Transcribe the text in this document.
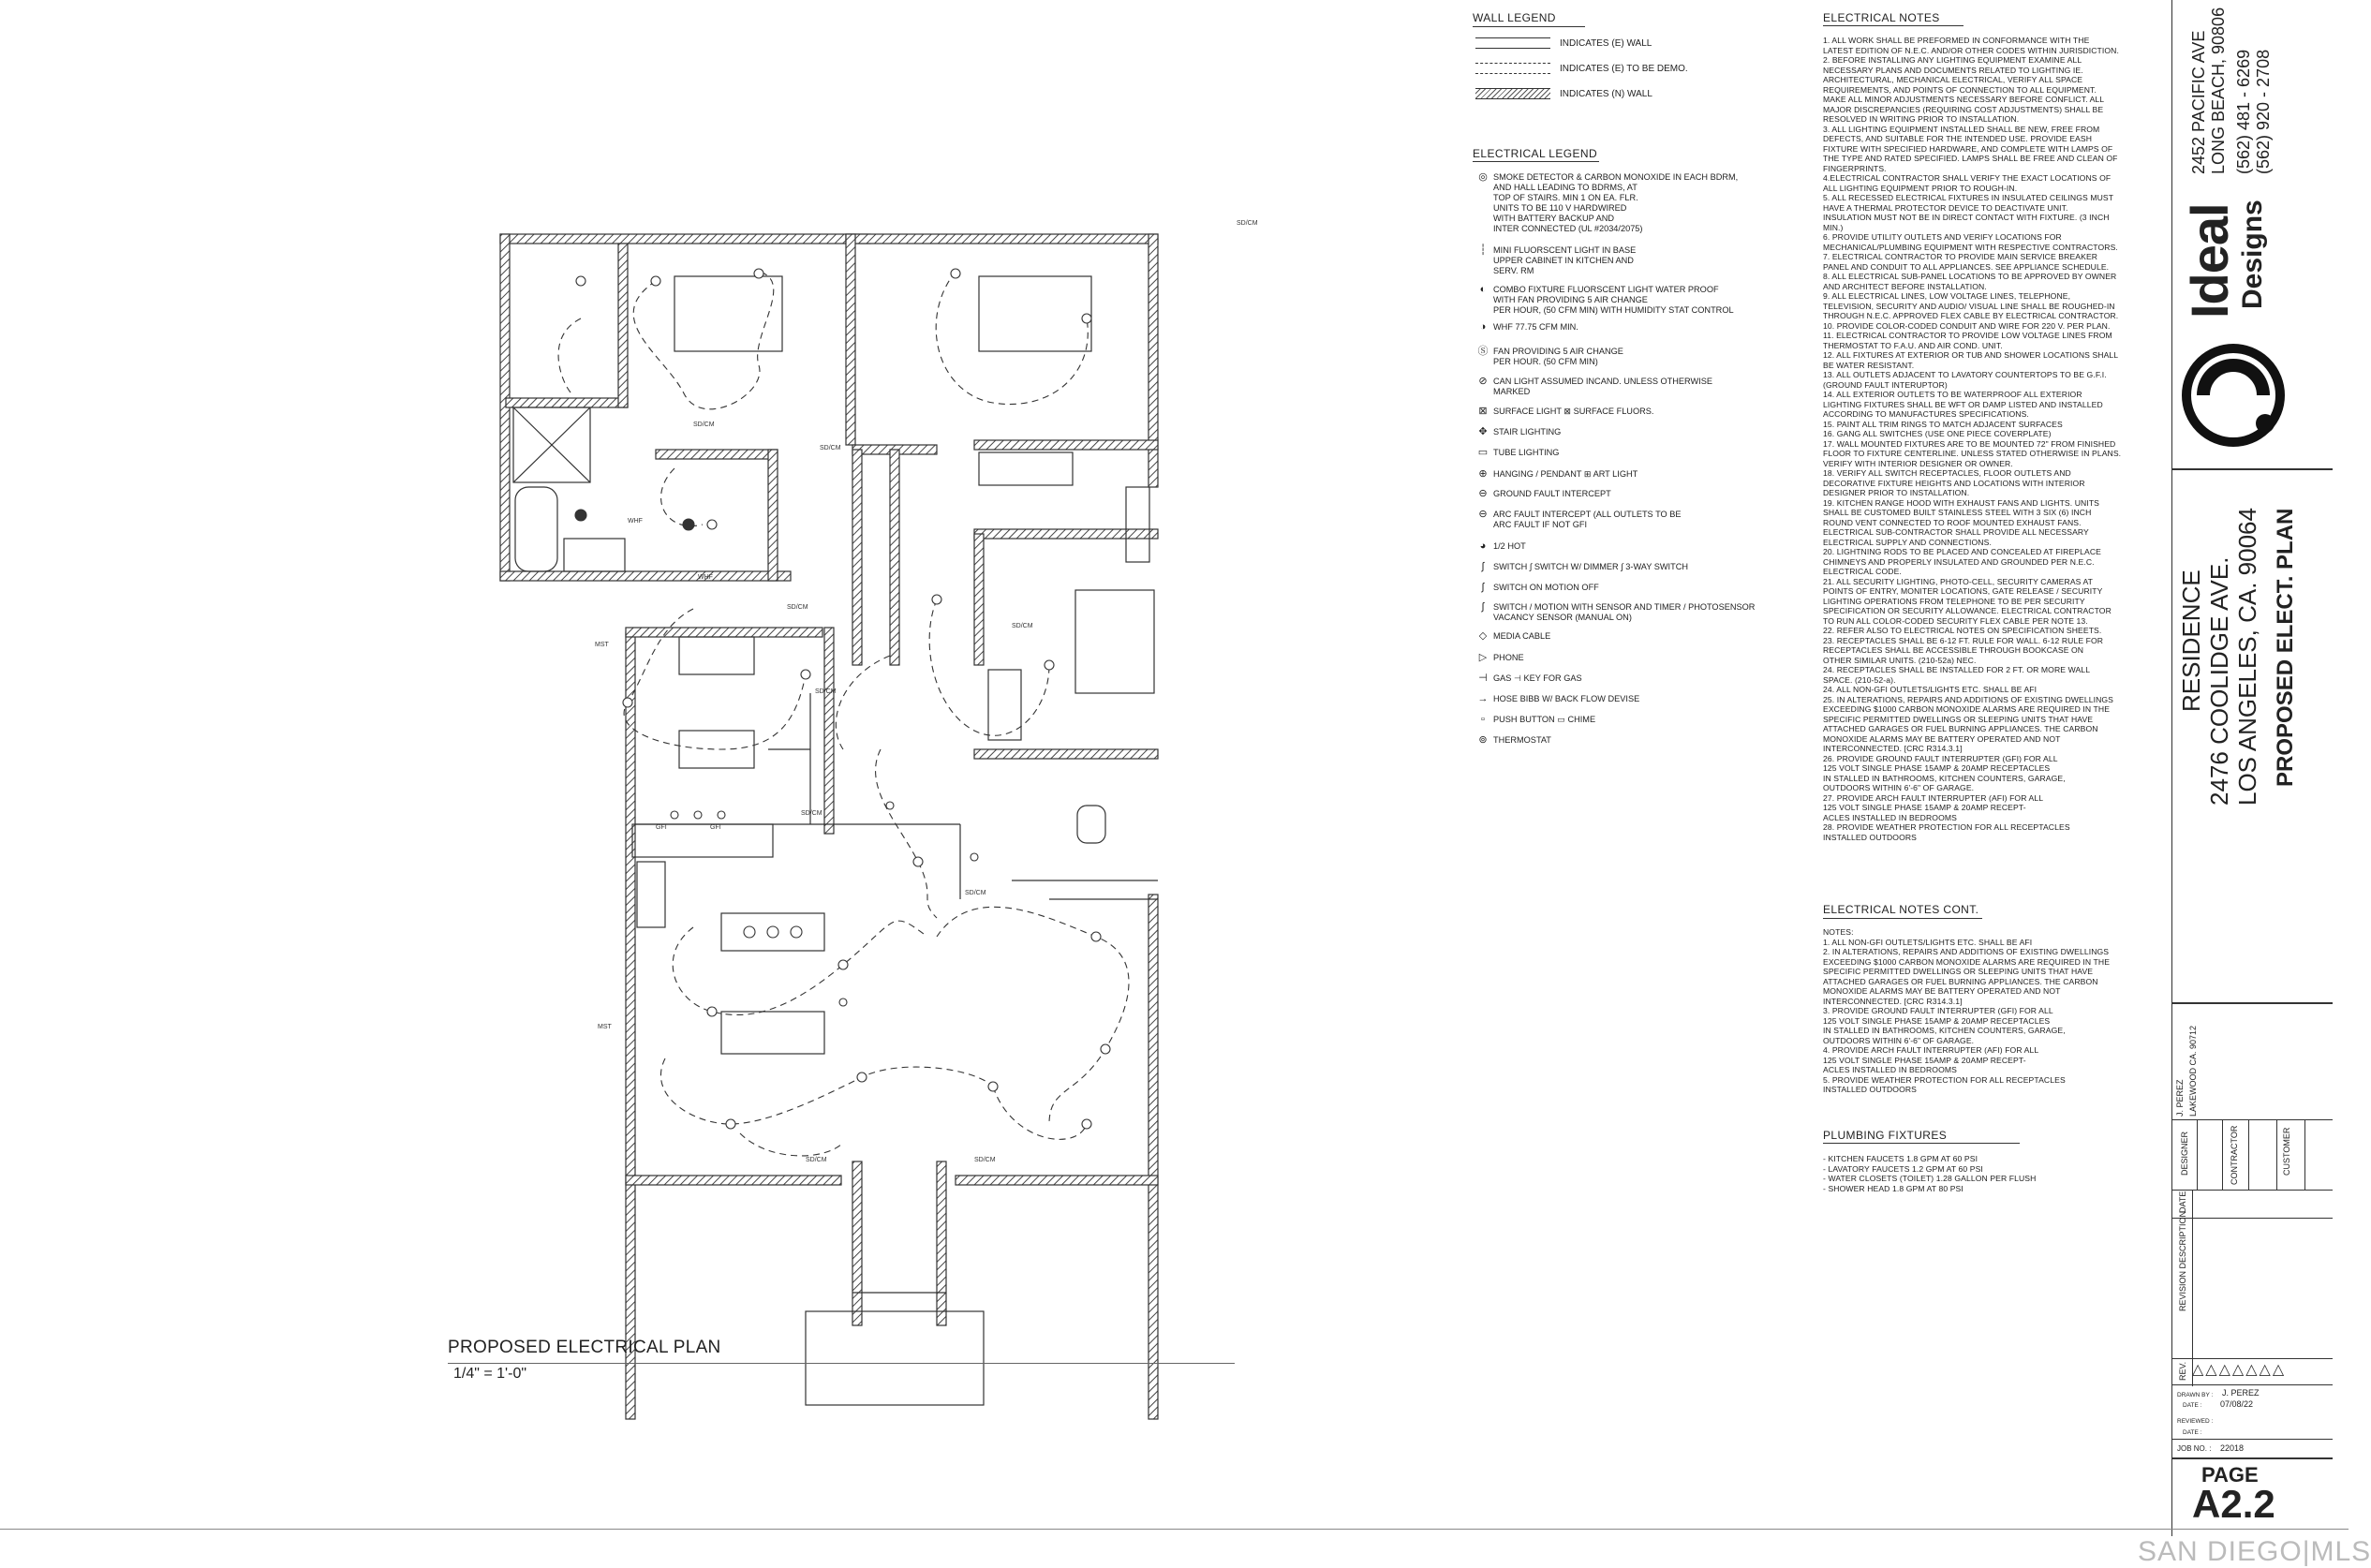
SD/CM
SD/CM
SD/CM
SD/CM
SD/CM
SD/CM
SD/CM
SD/CM
SD/CM	SD/CM
GFI	GFI
WHF
WHF
MST
MST
PROPOSED ELECTRICAL PLAN
1/4" = 1'-0"
WALL LEGEND
INDICATES (E) WALL
INDICATES (E) TO BE DEMO.
INDICATES (N) WALL
ELECTRICAL LEGEND
◎ SMOKE DETECTOR & CARBON MONOXIDE IN EACH BDRM,
AND HALL LEADING TO BDRMS, AT
TOP OF STAIRS. MIN 1 ON EA. FLR.
UNITS TO BE 110 V HARDWIRED
WITH BATTERY BACKUP AND
INTER CONNECTED (UL #2034/2075)
┆ MINI FLUORSCENT LIGHT IN BASE
UPPER CABINET IN KITCHEN AND
SERV. RM
◐ COMBO FIXTURE FLUORSCENT LIGHT WATER PROOF
WITH FAN PROVIDING 5 AIR CHANGE
PER HOUR, (50 CFM MIN) WITH HUMIDITY STAT CONTROL
◑ WHF 77.75 CFM MIN.
Ⓢ FAN PROVIDING 5 AIR CHANGE
PER HOUR. (50 CFM MIN)
⊘ CAN LIGHT ASSUMED INCAND. UNLESS OTHERWISE
MARKED
⊠ SURFACE LIGHT ⊠ SURFACE FLUORS.
✥ STAIR LIGHTING
▭ TUBE LIGHTING
⊕ HANGING / PENDANT ⊞ ART LIGHT
⊖ GROUND FAULT INTERCEPT
⊖ ARC FAULT INTERCEPT (ALL OUTLETS TO BE
ARC FAULT IF NOT GFI
◕ 1/2 HOT
∫	SWITCH ∫ SWITCH W/ DIMMER ∫ 3-WAY SWITCH
∫	SWITCH ON MOTION OFF
∫	SWITCH / MOTION WITH SENSOR AND TIMER / PHOTOSENSOR
VACANCY SENSOR (MANUAL ON)
◇ MEDIA CABLE
▷ PHONE
⊣ GAS ⊣ KEY FOR GAS
→ HOSE BIBB W/ BACK FLOW DEVISE
▫ PUSH BUTTON ▭ CHIME
⊚ THERMOSTAT
ELECTRICAL NOTES
1. ALL WORK SHALL BE PREFORMED IN CONFORMANCE WITH THE
LATEST EDITION OF N.E.C. AND/OR OTHER CODES WITHIN JURISDICTION.
2. BEFORE INSTALLING ANY LIGHTING EQUIPMENT EXAMINE ALL
NECESSARY PLANS AND DOCUMENTS RELATED TO LIGHTING IE.
ARCHITECTURAL, MECHANICAL ELECTRICAL, VERIFY ALL SPACE
REQUIREMENTS, AND POINTS OF CONNECTION TO ALL EQUIPMENT.
MAKE ALL MINOR ADJUSTMENTS NECESSARY BEFORE CONFLICT. ALL
MAJOR DISCREPANCIES (REQUIRING COST ADJUSTMENTS) SHALL BE
RESOLVED IN WRITING PRIOR TO INSTALLATION.
3. ALL LIGHTING EQUIPMENT INSTALLED SHALL BE NEW, FREE FROM
DEFECTS, AND SUITABLE FOR THE INTENDED USE. PROVIDE EASH
FIXTURE WITH SPECIFIED HARDWARE, AND COMPLETE WITH LAMPS OF
THE TYPE AND RATED SPECIFIED. LAMPS SHALL BE FREE AND CLEAN OF
FINGERPRINTS.
4.ELECTRICAL CONTRACTOR SHALL VERIFY THE EXACT LOCATIONS OF
ALL LIGHTING EQUIPMENT PRIOR TO ROUGH-IN.
5. ALL RECESSED ELECTRICAL FIXTURES IN INSULATED CEILINGS MUST
HAVE A THERMAL PROTECTOR DEVICE TO DEACTIVATE UNIT.
INSULATION MUST NOT BE IN DIRECT CONTACT WITH FIXTURE. (3 INCH
MIN.)
6. PROVIDE UTILITY OUTLETS AND VERIFY LOCATIONS FOR
MECHANICAL/PLUMBING EQUIPMENT WITH RESPECTIVE CONTRACTORS.
7. ELECTRICAL CONTRACTOR TO PROVIDE MAIN SERVICE BREAKER
PANEL AND CONDUIT TO ALL APPLIANCES. SEE APPLIANCE SCHEDULE.
8. ALL ELECTRICAL SUB-PANEL LOCATIONS TO BE APPROVED BY OWNER
AND ARCHITECT BEFORE INSTALLATION.
9. ALL ELECTRICAL LINES, LOW VOLTAGE LINES, TELEPHONE,
TELEVISION, SECURITY AND AUDIO/ VISUAL LINE SHALL BE ROUGHED-IN
THROUGH N.E.C. APPROVED FLEX CABLE BY ELECTRICAL CONTRACTOR.
10. PROVIDE COLOR-CODED CONDUIT AND WIRE FOR 220 V. PER PLAN.
11. ELECTRICAL CONTRACTOR TO PROVIDE LOW VOLTAGE LINES FROM
THERMOSTAT TO F.A.U. AND AIR COND. UNIT.
12. ALL FIXTURES AT EXTERIOR OR TUB AND SHOWER LOCATIONS SHALL
BE WATER RESISTANT.
13. ALL OUTLETS ADJACENT TO LAVATORY COUNTERTOPS TO BE G.F.I.
(GROUND FAULT INTERUPTOR)
14. ALL EXTERIOR OUTLETS TO BE WATERPROOF ALL EXTERIOR
LIGHTING FIXTURES SHALL BE WFT OR DAMP LISTED AND INSTALLED
ACCORDING TO MANUFACTURES SPECIFICATIONS.
15. PAINT ALL TRIM RINGS TO MATCH ADJACENT SURFACES
16. GANG ALL SWITCHES (USE ONE PIECE COVERPLATE)
17. WALL MOUNTED FIXTURES ARE TO BE MOUNTED 72" FROM FINISHED
FLOOR TO FIXTURE CENTERLINE. UNLESS STATED OTHERWISE IN PLANS.
VERIFY WITH INTERIOR DESIGNER OR OWNER.
18. VERIFY ALL SWITCH RECEPTACLES, FLOOR OUTLETS AND
DECORATIVE FIXTURE HEIGHTS AND LOCATIONS WITH INTERIOR
DESIGNER PRIOR TO INSTALLATION.
19. KITCHEN RANGE HOOD WITH EXHAUST FANS AND LIGHTS. UNITS
SHALL BE CUSTOMED BUILT STAINLESS STEEL WITH 3 SIX (6) INCH
ROUND VENT CONNECTED TO ROOF MOUNTED EXHAUST FANS.
ELECTRICAL SUB-CONTRACTOR SHALL PROVIDE ALL NECESSARY
ELECTRICAL SUPPLY AND CONNECTIONS.
20. LIGHTNING RODS TO BE PLACED AND CONCEALED AT FIREPLACE
CHIMNEYS AND PROPERLY INSULATED AND GROUNDED PER N.E.C.
ELECTRICAL CODE.
21. ALL SECURITY LIGHTING, PHOTO-CELL, SECURITY CAMERAS AT
POINTS OF ENTRY, MONITER LOCATIONS, GATE RELEASE / SECURITY
LIGHTING OPERATIONS FROM TELEPHONE TO BE PER SECURITY
SPECIFICATION OR SECURITY ALLOWANCE. ELECTRICAL CONTRACTOR
TO RUN ALL COLOR-CODED SECURITY FLEX CABLE PER NOTE 13.
22. REFER ALSO TO ELECTRICAL NOTES ON SPECIFICATION SHEETS.
23. RECEPTACLES SHALL BE 6-12 FT. RULE FOR WALL. 6-12 RULE FOR
RECEPTACLES SHALL BE ACCESSIBLE THROUGH BOOKCASE ON
OTHER SIMILAR UNITS. (210-52a) NEC.
24. RECEPTACLES SHALL BE INSTALLED FOR 2 FT. OR MORE WALL
SPACE. (210-52-a).
24. ALL NON-GFI OUTLETS/LIGHTS ETC. SHALL BE AFI
25. IN ALTERATIONS, REPAIRS AND ADDITIONS OF EXISTING DWELLINGS
EXCEEDING $1000 CARBON MONOXIDE ALARMS ARE REQUIRED IN THE
SPECIFIC PERMITTED DWELLINGS OR SLEEPING UNITS THAT HAVE
ATTACHED GARAGES OR FUEL BURNING APPLIANCES. THE CARBON
MONOXIDE ALARMS MAY BE BATTERY OPERATED AND NOT
INTERCONNECTED. [CRC R314.3.1]
26. PROVIDE GROUND FAULT INTERRUPTER (GFI) FOR ALL
125 VOLT SINGLE PHASE 15AMP & 20AMP RECEPTACLES
IN STALLED IN BATHROOMS, KITCHEN COUNTERS, GARAGE,
OUTDOORS WITHIN 6'-6" OF GARAGE.
27. PROVIDE ARCH FAULT INTERRUPTER (AFI) FOR ALL
125 VOLT SINGLE PHASE 15AMP & 20AMP RECEPT-
ACLES INSTALLED IN BEDROOMS
28. PROVIDE WEATHER PROTECTION FOR ALL RECEPTACLES
INSTALLED OUTDOORS
ELECTRICAL NOTES CONT.
NOTES:
1. ALL NON-GFI OUTLETS/LIGHTS ETC. SHALL BE AFI
2. IN ALTERATIONS, REPAIRS AND ADDITIONS OF EXISTING DWELLINGS
EXCEEDING $1000 CARBON MONOXIDE ALARMS ARE REQUIRED IN THE
SPECIFIC PERMITTED DWELLINGS OR SLEEPING UNITS THAT HAVE
ATTACHED GARAGES OR FUEL BURNING APPLIANCES. THE CARBON
MONOXIDE ALARMS MAY BE BATTERY OPERATED AND NOT
INTERCONNECTED. [CRC R314.3.1]
3. PROVIDE GROUND FAULT INTERRUPTER (GFI) FOR ALL
125 VOLT SINGLE PHASE 15AMP & 20AMP RECEPTACLES
IN STALLED IN BATHROOMS, KITCHEN COUNTERS, GARAGE,
OUTDOORS WITHIN 6'-6" OF GARAGE.
4. PROVIDE ARCH FAULT INTERRUPTER (AFI) FOR ALL
125 VOLT SINGLE PHASE 15AMP & 20AMP RECEPT-
ACLES INSTALLED IN BEDROOMS
5. PROVIDE WEATHER PROTECTION FOR ALL RECEPTACLES
INSTALLED OUTDOORS
PLUMBING FIXTURES
- KITCHEN FAUCETS 1.8 GPM AT 60 PSI
- LAVATORY FAUCETS 1.2 GPM AT 60 PSI
- WATER CLOSETS (TOILET) 1.28 GALLON PER FLUSH
- SHOWER HEAD 1.8 GPM AT 80 PSI
2452 PACIFIC AVE LONG BEACH, 90806 (562) 481 - 6269 (562) 920 - 2708
Ideal
Designs
RESIDENCE 2476 COOLIDGE AVE. LOS ANGELES, CA. 90064 PROPOSED ELECT. PLAN
J. PEREZ LAKEWOOD CA. 90712
DESIGNER	CONTRACTOR	CUSTOMER
DATE
REVISION DESCRIPTION
REV. △△△△△△△
DRAWN BY : J. PEREZ
DATE : 07/08/22
REVIEWED :
DATE :
JOB NO. : 22018
PAGE
A2.2
SAN DIEGO|MLS
